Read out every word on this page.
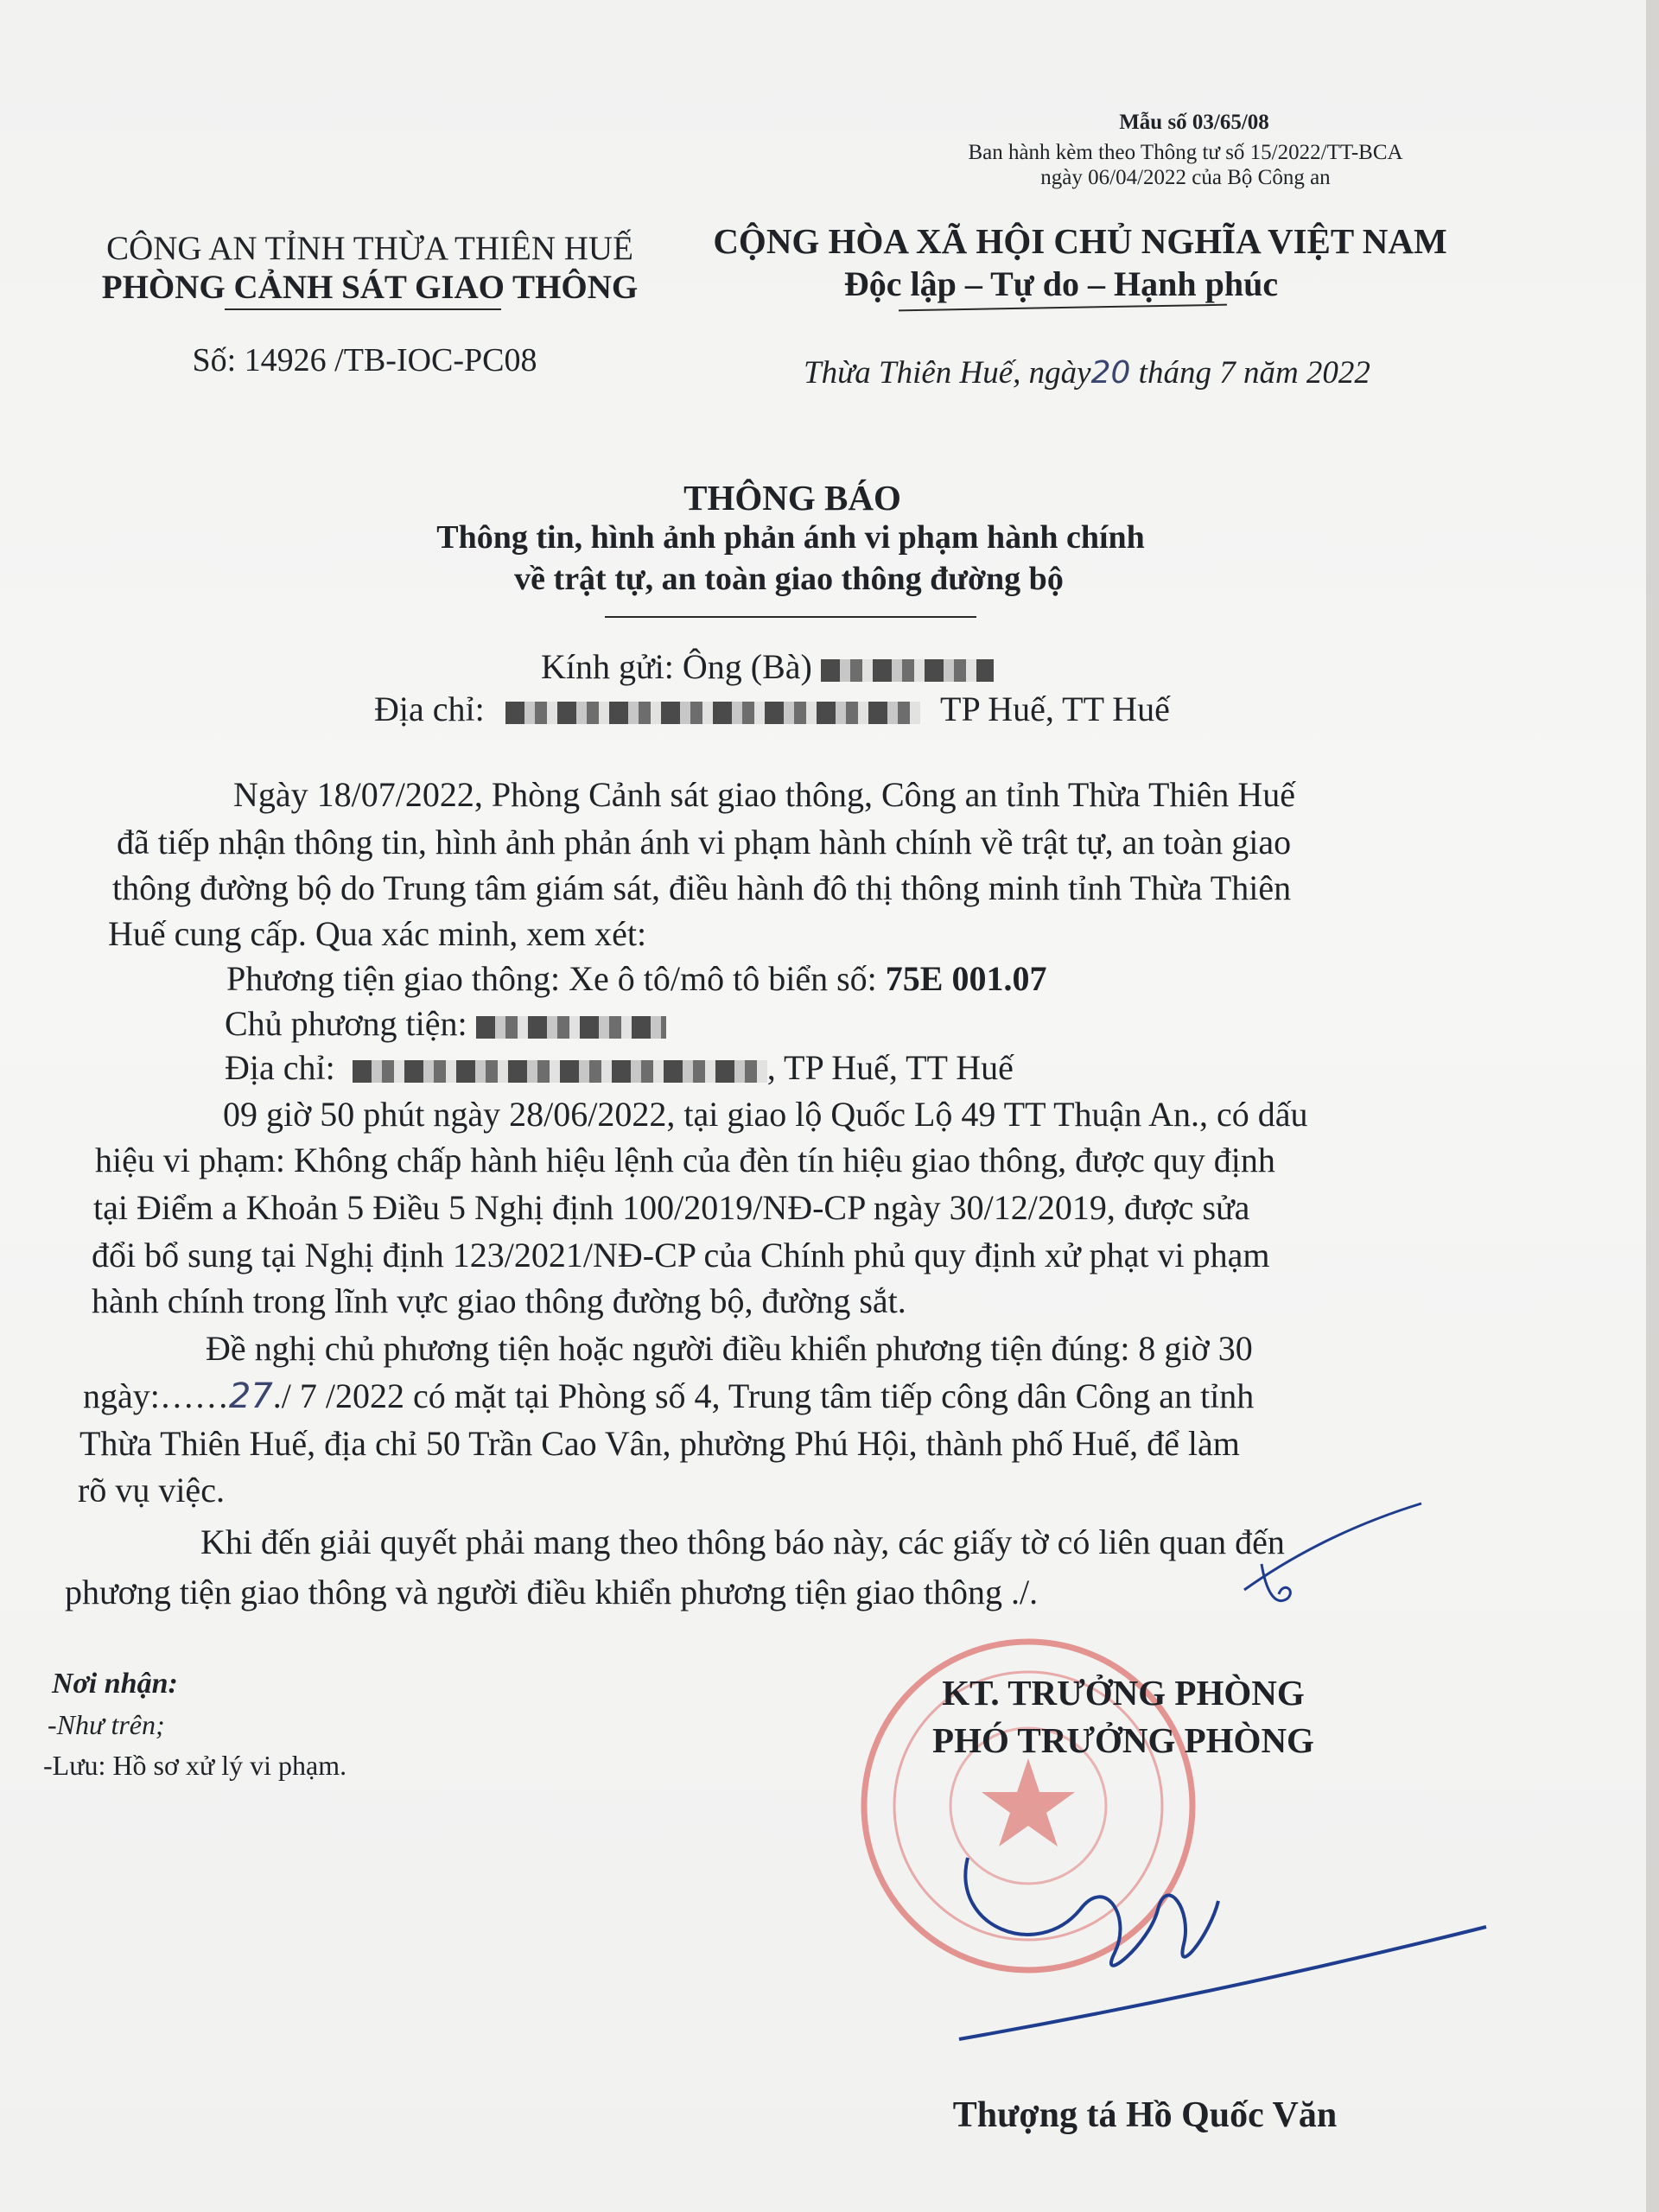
Mẫu số 03/65/08
Ban hành kèm theo Thông tư số 15/2022/TT-BCA
ngày 06/04/2022 của Bộ Công an
CÔNG AN TỈNH THỪA THIÊN HUẾ
PHÒNG CẢNH SÁT GIAO THÔNG
Số: 14926 /TB-IOC-PC08
CỘNG HÒA XÃ HỘI CHỦ NGHĨA VIỆT NAM
Độc lập – Tự do – Hạnh phúc
Thừa Thiên Huế, ngày20 tháng 7 năm 2022
THÔNG BÁO
Thông tin, hình ảnh phản ánh vi phạm hành chính
về trật tự, an toàn giao thông đường bộ
Kính gửi: Ông (Bà)
Địa chỉ:	TP Huế, TT Huế
Ngày 18/07/2022, Phòng Cảnh sát giao thông, Công an tỉnh Thừa Thiên Huế
đã tiếp nhận thông tin, hình ảnh phản ánh vi phạm hành chính về trật tự, an toàn giao
thông đường bộ do Trung tâm giám sát, điều hành đô thị thông minh tỉnh Thừa Thiên
Huế cung cấp. Qua xác minh, xem xét:
Phương tiện giao thông: Xe ô tô/mô tô biển số: 75E 001.07
Chủ phương tiện:
Địa chỉ:	, TP Huế, TT Huế
09 giờ 50 phút ngày 28/06/2022, tại giao lộ Quốc Lộ 49 TT Thuận An., có dấu
hiệu vi phạm: Không chấp hành hiệu lệnh của đèn tín hiệu giao thông, được quy định
tại Điểm a Khoản 5 Điều 5 Nghị định 100/2019/NĐ-CP ngày 30/12/2019, được sửa
đổi bổ sung tại Nghị định 123/2021/NĐ-CP của Chính phủ quy định xử phạt vi phạm
hành chính trong lĩnh vực giao thông đường bộ, đường sắt.
Đề nghị chủ phương tiện hoặc người điều khiển phương tiện đúng: 8 giờ 30
ngày:……27./ 7 /2022 có mặt tại Phòng số 4, Trung tâm tiếp công dân Công an tỉnh
Thừa Thiên Huế, địa chỉ 50 Trần Cao Vân, phường Phú Hội, thành phố Huế, để làm
rõ vụ việc.
Khi đến giải quyết phải mang theo thông báo này, các giấy tờ có liên quan đến
phương tiện giao thông và người điều khiển phương tiện giao thông ./.
Nơi nhận:
-Như trên;
-Lưu: Hồ sơ xử lý vi phạm.
KT. TRƯỞNG PHÒNG
PHÓ TRƯỞNG PHÒNG
Thượng tá Hồ Quốc Văn
